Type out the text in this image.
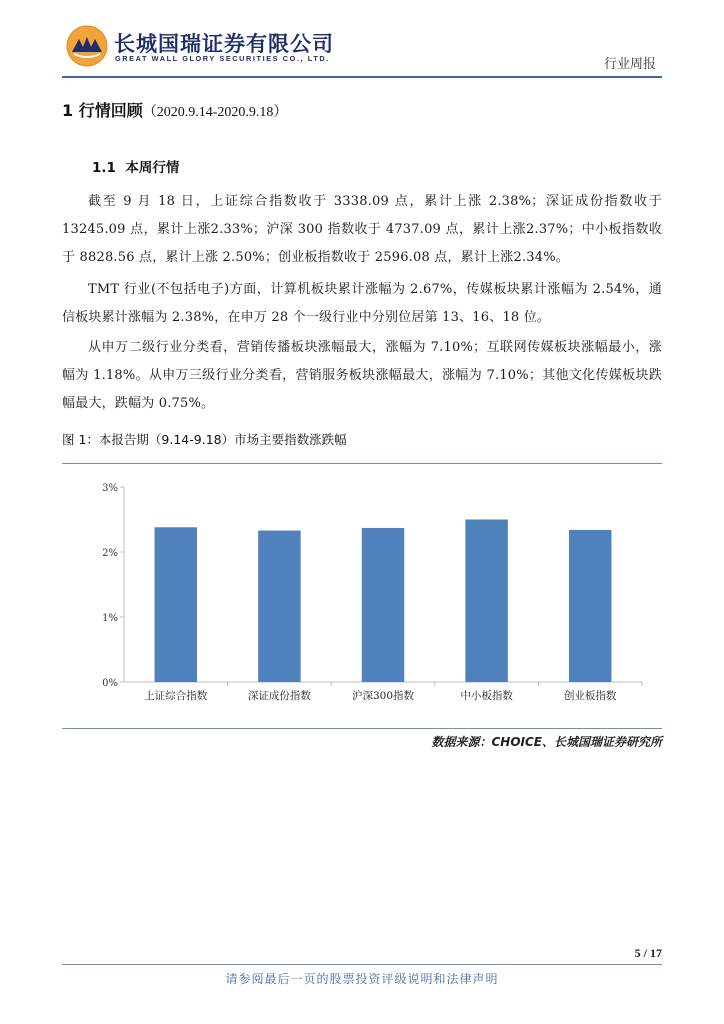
长城国瑞证券有限公司
GREAT WALL GLORY SECURITIES CO., LTD.	行业周报
1 行情回顾（2020.9.14-2020.9.18）
1.1 本周行情
截至 9 月 18 日，上证综合指数收于 3338.09 点，累计上涨 2.38%；深证成份指数收于 13245.09 点，累计上涨2.33%；沪深 300 指数收于 4737.09 点，累计上涨2.37%；中小板指数收于 8828.56 点，累计上涨 2.50%；创业板指数收于 2596.08 点，累计上涨2.34%。
TMT 行业(不包括电子)方面，计算机板块累计涨幅为 2.67%，传媒板块累计涨幅为 2.54%，通信板块累计涨幅为 2.38%，在申万 28 个一级行业中分别位居第 13、16、18 位。
从申万二级行业分类看，营销传播板块涨幅最大，涨幅为 7.10%；互联网传媒板块涨幅最小，涨幅为 1.18%。从申万三级行业分类看，营销服务板块涨幅最大，涨幅为 7.10%；其他文化传媒板块跌幅最大，跌幅为 0.75%。
图 1：本报告期（9.14-9.18）市场主要指数涨跌幅
0%
1%
2%
3%
上证综合指数	深证成份指数	沪深300指数	中小板指数	创业板指数
数据来源：CHOICE、长城国瑞证券研究所
5 / 17
请参阅最后一页的股票投资评级说明和法律声明
